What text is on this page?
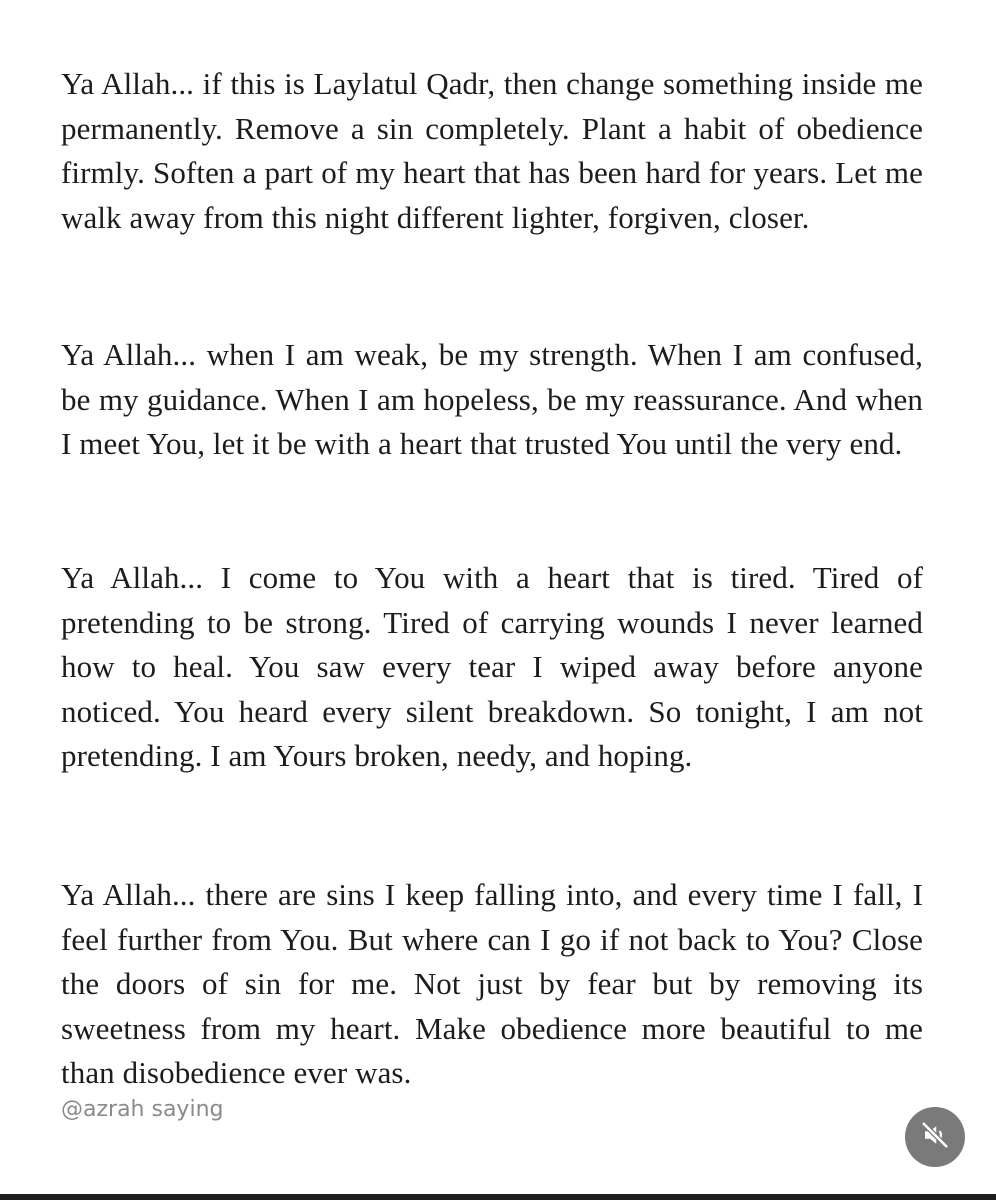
Ya Allah... if this is Laylatul Qadr, then change something inside me permanently. Remove a sin completely. Plant a habit of obedience firmly. Soften a part of my heart that has been hard for years. Let me walk away from this night different lighter, forgiven, closer.

Ya Allah... when I am weak, be my strength. When I am confused, be my guidance. When I am hopeless, be my reassurance. And when I meet You, let it be with a heart that trusted You until the very end.

Ya Allah... I come to You with a heart that is tired. Tired of pretending to be strong. Tired of carrying wounds I never learned how to heal. You saw every tear I wiped away before anyone noticed. You heard every silent breakdown. So tonight, I am not pretending. I am Yours broken, needy, and hoping.

Ya Allah... there are sins I keep falling into, and every time I fall, I feel further from You. But where can I go if not back to You? Close the doors of sin for me. Not just by fear but by removing its sweetness from my heart. Make obedience more beautiful to me than disobedience ever was.

@azrah saying
